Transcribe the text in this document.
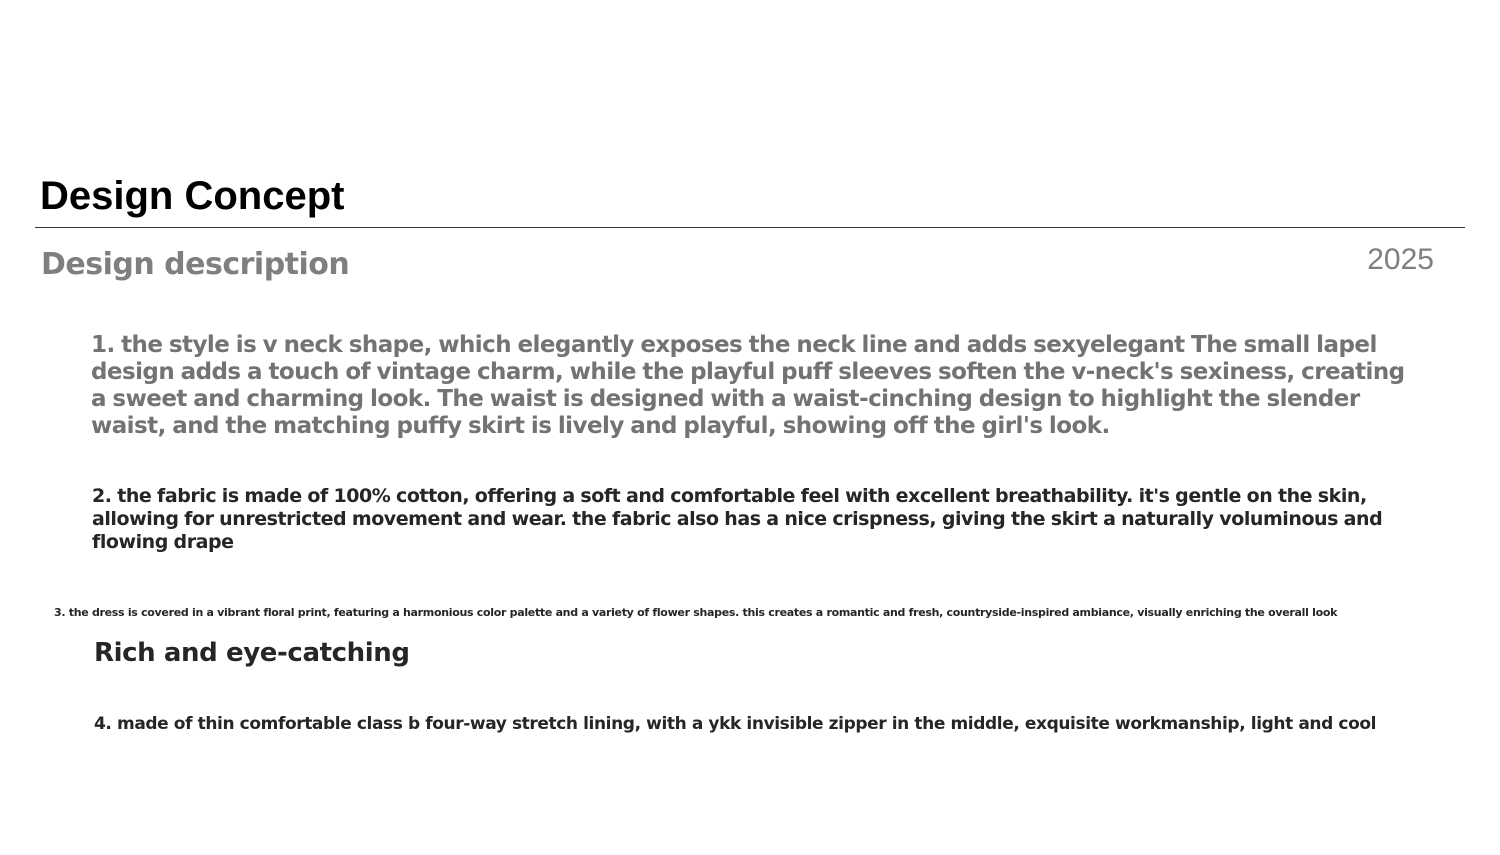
Design Concept
Design description	2025

1. the style is v neck shape, which elegantly exposes the neck line and adds sexyelegant The small lapel design adds a touch of vintage charm, while the playful puff sleeves soften the v-neck's sexiness, creating a sweet and charming look. The waist is designed with a waist-cinching design to highlight the slender waist, and the matching puffy skirt is lively and playful, showing off the girl's look.

2. the fabric is made of 100% cotton, offering a soft and comfortable feel with excellent breathability. it's gentle on the skin, allowing for unrestricted movement and wear. the fabric also has a nice crispness, giving the skirt a naturally voluminous and flowing drape

3. the dress is covered in a vibrant floral print, featuring a harmonious color palette and a variety of flower shapes. this creates a romantic and fresh, countryside-inspired ambiance, visually enriching the overall look

Rich and eye-catching

4. made of thin comfortable class b four-way stretch lining, with a ykk invisible zipper in the middle, exquisite workmanship, light and cool
